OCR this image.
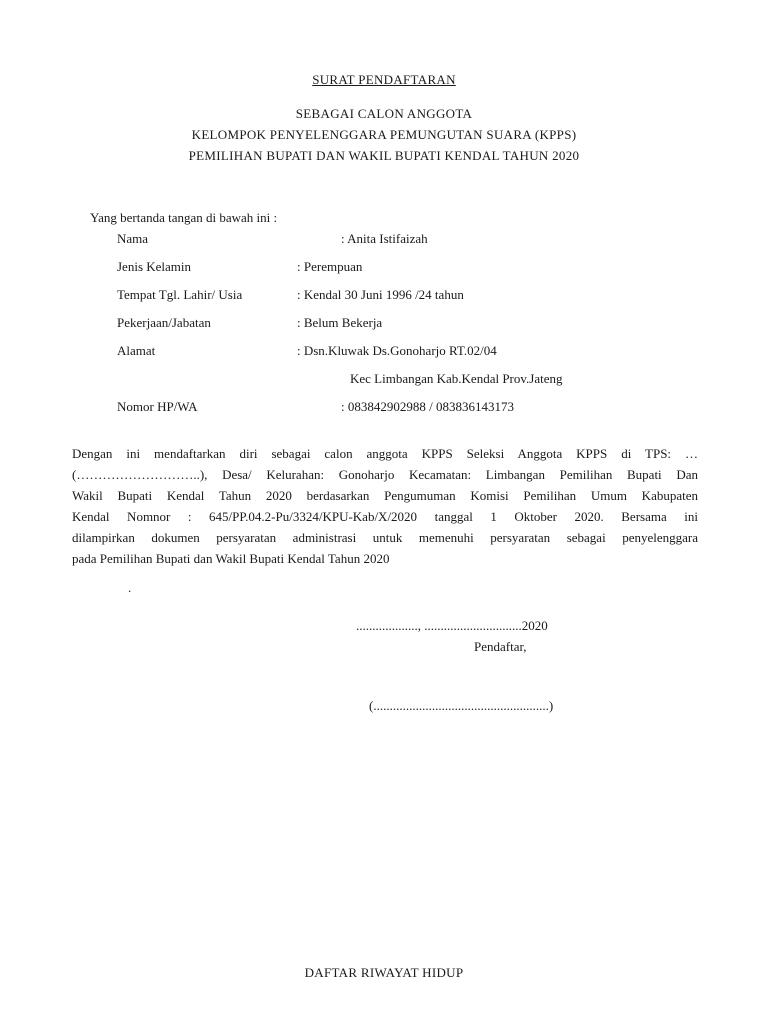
SURAT PENDAFTARAN
SEBAGAI CALON ANGGOTA
KELOMPOK PENYELENGGARA PEMUNGUTAN SUARA (KPPS)
PEMILIHAN BUPATI DAN WAKIL BUPATI KENDAL TAHUN 2020
Yang bertanda tangan di bawah ini :
Nama	: Anita Istifaizah
Jenis Kelamin	: Perempuan
Tempat Tgl. Lahir/ Usia	: Kendal 30 Juni 1996 /24 tahun
Pekerjaan/Jabatan	: Belum Bekerja
Alamat	: Dsn.Kluwak Ds.Gonoharjo RT.02/04
Kec Limbangan Kab.Kendal Prov.Jateng
Nomor HP/WA	: 083842902988 / 083836143173

Dengan ini mendaftarkan diri sebagai calon anggota KPPS Seleksi Anggota KPPS di TPS: …

(………………………..), Desa/ Kelurahan: Gonoharjo Kecamatan: Limbangan Pemilihan Bupati Dan

Wakil Bupati Kendal Tahun 2020 berdasarkan Pengumuman Komisi Pemilihan Umum Kabupaten

Kendal Nomnor : 645/PP.04.2-Pu/3324/KPU-Kab/X/2020 tanggal 1 Oktober 2020. Bersama ini

dilampirkan dokumen persyaratan administrasi untuk memenuhi persyaratan sebagai penyelenggara

pada Pemilihan Bupati dan Wakil Bupati Kendal Tahun 2020

.
..................., ..............................2020
Pendaftar,
(......................................................)
DAFTAR RIWAYAT HIDUP
